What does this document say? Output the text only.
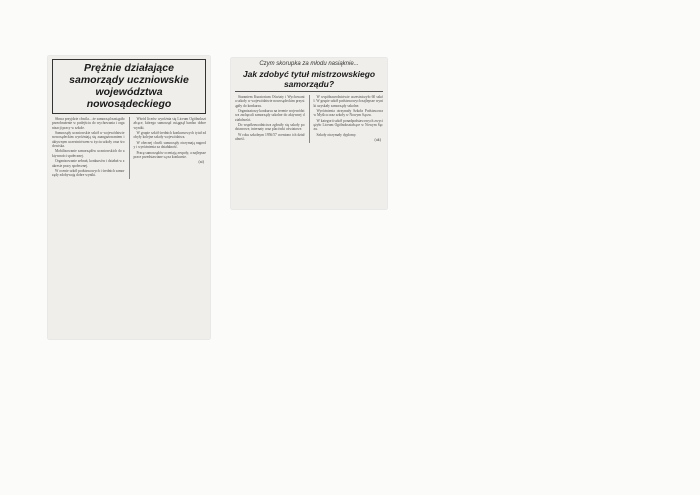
Prężnie działające samorządy uczniowskie województwa nowosądeckiego

Sława przyjdzie chwila... że samorząd nastąpiło przeobrażenie w podejściu do wychowania i organizacji pracy w szkole.

Samorządy uczniowskie szkół w województwie nowosądeckim wyróżniają się zaangażowaniem i aktywnym uczestnictwem w życiu szkoły oraz środowiska.

Mobilizowanie samorządów uczniowskich do aktywności społecznej.

Organizowanie zebrań, konkursów i działań w zakresie pracy społecznej.

W ocenie szkół podstawowych i średnich samorządy zdobywają dobre wyniki.

Wśród liceów wyróżnia się Liceum Ogólnokształcące, którego samorząd osiągnął bardzo dobre wyniki.

W grupie szkół średnich konkursowych tytuł zdobyły kolejne szkoły województwa.

W obecnej chwili samorządy otrzymają nagrody i wyróżnienia za działalność.

Pracę samorządów oceniają zespoły, a najlepsze prace przedstawiane są na konkursie.

(ai)
Czym skorupka za młodu nasiąknie...
Jak zdobyć tytuł mistrzowskiego samorządu?

Staraniem Kuratorium Oświaty i Wychowania szkoły w województwie nowosądeckim przystąpiły do konkursu.

Organizatorzy konkursu na terenie województwa zachęcali samorządy szkolne do aktywnej działalności.

Do współzawodnictwa zgłosiły się szkoły podstawowe, internaty oraz placówki oświatowe.

W roku szkolnym 1956/57 oceniono ich działalność.

W współzawodnictwie uczestniczyło 60 szkół. W grupie szkół podstawowych najlepsze wyniki uzyskały samorządy szkolne.

Wyróżnienia otrzymały Szkoła Podstawowa w Myślcu oraz szkoły w Nowym Sączu.

W kategorii szkół ponadpodstawowych zwyciężyło Liceum Ogólnokształcące w Nowym Sączu.

Szkoły otrzymały dyplomy.

(ak)
